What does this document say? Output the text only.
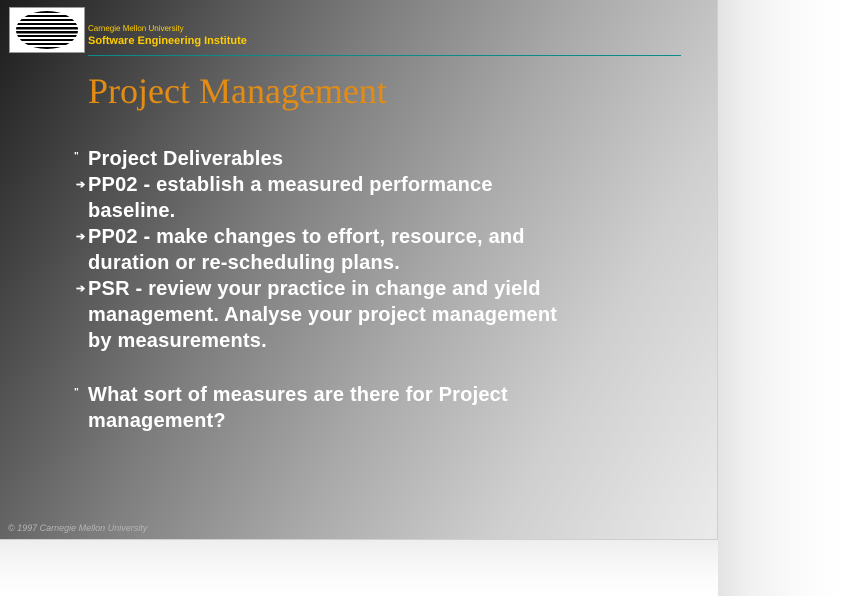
Carnegie Mellon University
Software Engineering Institute
Project Management
" Project Deliverables
➔ PP02 - establish a measured performance
baseline.
➔ PP02 - make changes to effort, resource, and
duration or re-scheduling plans.
➔ PSR - review your practice in change and yield
management. Analyse your project management
by measurements.
" What sort of measures are there for Project
management?
© 1997 Carnegie Mellon University
